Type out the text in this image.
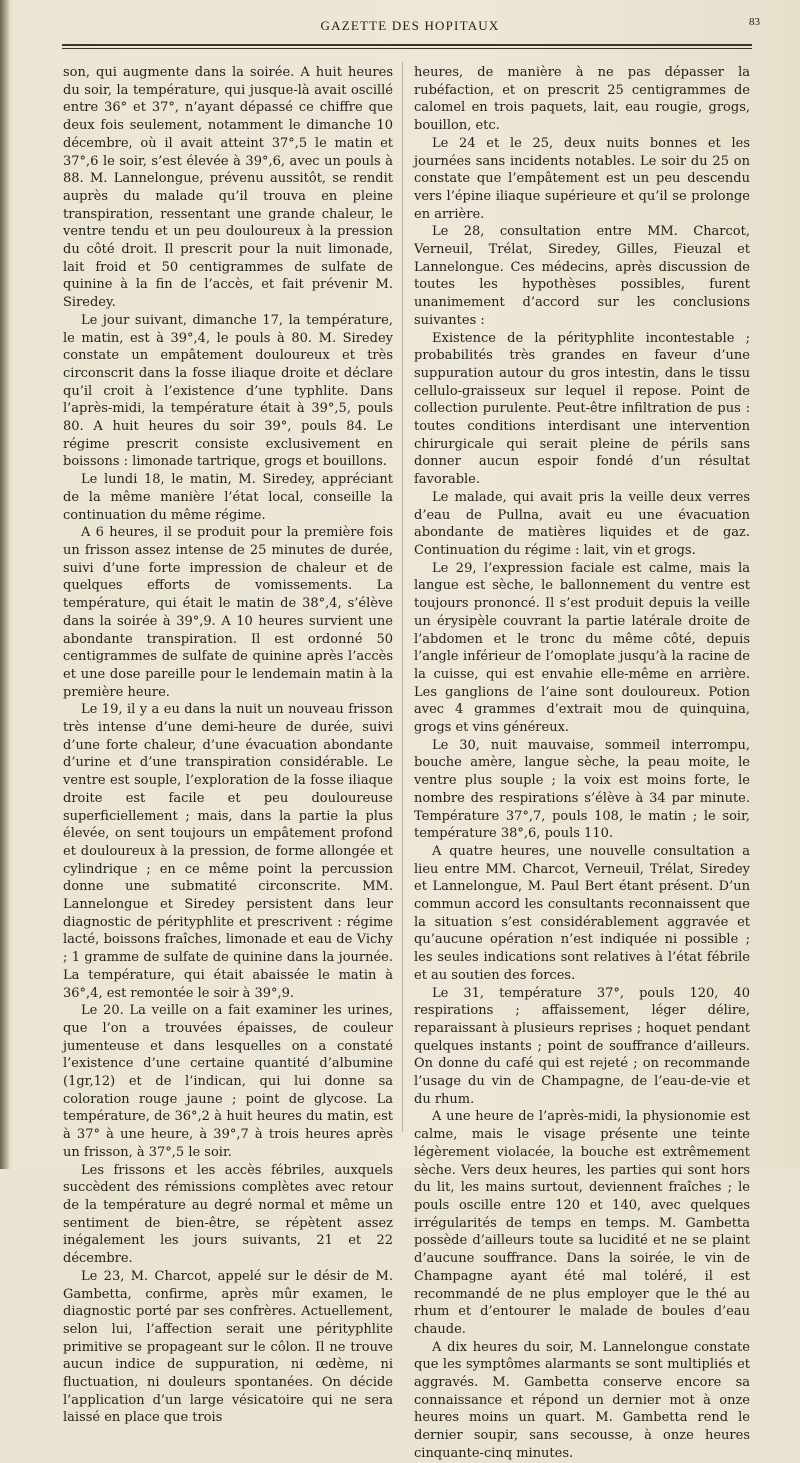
GAZETTE DES HOPITAUX	83

son, qui augmente dans la soirée. A huit heures du soir, la température, qui jusque-là avait oscillé entre 36° et 37°, n’ayant dépassé ce chiffre que deux fois seulement, notamment le dimanche 10 décembre, où il avait atteint 37°,5 le matin et 37°,6 le soir, s’est élevée à 39°,6, avec un pouls à 88. M. Lannelongue, prévenu aussitôt, se rendit auprès du malade qu’il trouva en pleine transpiration, ressentant une grande chaleur, le ventre tendu et un peu douloureux à la pression du côté droit. Il prescrit pour la nuit limonade, lait froid et 50 centigrammes de sulfate de quinine à la fin de l’accès, et fait prévenir M. Siredey.

Le jour suivant, dimanche 17, la température, le matin, est à 39°,4, le pouls à 80. M. Siredey constate un empâtement douloureux et très circonscrit dans la fosse iliaque droite et déclare qu’il croit à l’existence d’une typhlite. Dans l’après-midi, la température était à 39°,5, pouls 80. A huit heures du soir 39°, pouls 84. Le régime prescrit consiste exclusivement en boissons : limonade tartrique, grogs et bouillons.

Le lundi 18, le matin, M. Siredey, appréciant de la même manière l’état local, conseille la continuation du même régime.

A 6 heures, il se produit pour la première fois un frisson assez intense de 25 minutes de durée, suivi d’une forte impression de chaleur et de quelques efforts de vomissements. La température, qui était le matin de 38°,4, s’élève dans la soirée à 39°,9. A 10 heures survient une abondante transpiration. Il est ordonné 50 centigrammes de sulfate de quinine après l’accès et une dose pareille pour le lendemain matin à la première heure.

Le 19, il y a eu dans la nuit un nouveau frisson très intense d’une demi-heure de durée, suivi d’une forte chaleur, d’une évacuation abondante d’urine et d’une transpiration considérable. Le ventre est souple, l’exploration de la fosse iliaque droite est facile et peu douloureuse superficiellement ; mais, dans la partie la plus élevée, on sent toujours un empâtement profond et douloureux à la pression, de forme allongée et cylindrique ; en ce même point la percussion donne une submatité circonscrite. MM. Lannelongue et Siredey persistent dans leur diagnostic de pérityphlite et prescrivent : régime lacté, boissons fraîches, limonade et eau de Vichy ; 1 gramme de sulfate de quinine dans la journée. La température, qui était abaissée le matin à 36°,4, est remontée le soir à 39°,9.

Le 20. La veille on a fait examiner les urines, que l’on a trouvées épaisses, de couleur jumenteuse et dans lesquelles on a constaté l’existence d’une certaine quantité d’albumine (1gr,12) et de l’indican, qui lui donne sa coloration rouge jaune ; point de glycose. La température, de 36°,2 à huit heures du matin, est à 37° à une heure, à 39°,7 à trois heures après un frisson, à 37°,5 le soir.

Les frissons et les accès fébriles, auxquels succèdent des rémissions complètes avec retour de la température au degré normal et même un sentiment de bien-être, se répètent assez inégalement les jours suivants, 21 et 22 décembre.

Le 23, M. Charcot, appelé sur le désir de M. Gambetta, confirme, après mûr examen, le diagnostic porté par ses confrères. Actuellement, selon lui, l’affection serait une pérityphlite primitive se propageant sur le côlon. Il ne trouve aucun indice de suppuration, ni œdème, ni fluctuation, ni douleurs spontanées. On décide l’application d’un large vésicatoire qui ne sera laissé en place que trois

heures, de manière à ne pas dépasser la rubéfaction, et on prescrit 25 centigrammes de calomel en trois paquets, lait, eau rougie, grogs, bouillon, etc.

Le 24 et le 25, deux nuits bonnes et les journées sans incidents notables. Le soir du 25 on constate que l’empâtement est un peu descendu vers l’épine iliaque supérieure et qu’il se prolonge en arrière.

Le 28, consultation entre MM. Charcot, Verneuil, Trélat, Siredey, Gilles, Fieuzal et Lannelongue. Ces médecins, après discussion de toutes les hypothèses possibles, furent unanimement d’accord sur les conclusions suivantes :

Existence de la pérityphlite incontestable ; probabilités très grandes en faveur d’une suppuration autour du gros intestin, dans le tissu cellulo-graisseux sur lequel il repose. Point de collection purulente. Peut-être infiltration de pus : toutes conditions interdisant une intervention chirurgicale qui serait pleine de périls sans donner aucun espoir fondé d’un résultat favorable.

Le malade, qui avait pris la veille deux verres d’eau de Pullna, avait eu une évacuation abondante de matières liquides et de gaz. Continuation du régime : lait, vin et grogs.

Le 29, l’expression faciale est calme, mais la langue est sèche, le ballonnement du ventre est toujours prononcé. Il s’est produit depuis la veille un érysipèle couvrant la partie latérale droite de l’abdomen et le tronc du même côté, depuis l’angle inférieur de l’omoplate jusqu’à la racine de la cuisse, qui est envahie elle-même en arrière. Les ganglions de l’aine sont douloureux. Potion avec 4 grammes d’extrait mou de quinquina, grogs et vins généreux.

Le 30, nuit mauvaise, sommeil interrompu, bouche amère, langue sèche, la peau moite, le ventre plus souple ; la voix est moins forte, le nombre des respirations s’élève à 34 par minute. Température 37°,7, pouls 108, le matin ; le soir, température 38°,6, pouls 110.

A quatre heures, une nouvelle consultation a lieu entre MM. Charcot, Verneuil, Trélat, Siredey et Lannelongue, M. Paul Bert étant présent. D’un commun accord les consultants reconnaissent que la situation s’est considérablement aggravée et qu’aucune opération n’est indiquée ni possible ; les seules indications sont relatives à l’état fébrile et au soutien des forces.

Le 31, température 37°, pouls 120, 40 respirations ; affaissement, léger délire, reparaissant à plusieurs reprises ; hoquet pendant quelques instants ; point de souffrance d’ailleurs. On donne du café qui est rejeté ; on recommande l’usage du vin de Champagne, de l’eau-de-vie et du rhum.

A une heure de l’après-midi, la physionomie est calme, mais le visage présente une teinte légèrement violacée, la bouche est extrêmement sèche. Vers deux heures, les parties qui sont hors du lit, les mains surtout, deviennent fraîches ; le pouls oscille entre 120 et 140, avec quelques irrégularités de temps en temps. M. Gambetta possède d’ailleurs toute sa lucidité et ne se plaint d’aucune souffrance. Dans la soirée, le vin de Champagne ayant été mal toléré, il est recommandé de ne plus employer que le thé au rhum et d’entourer le malade de boules d’eau chaude.

A dix heures du soir, M. Lannelongue constate que les symptômes alarmants se sont multipliés et aggravés. M. Gambetta conserve encore sa connaissance et répond un dernier mot à onze heures moins un quart. M. Gambetta rend le dernier soupir, sans secousse, à onze heures cinquante-cinq minutes.
